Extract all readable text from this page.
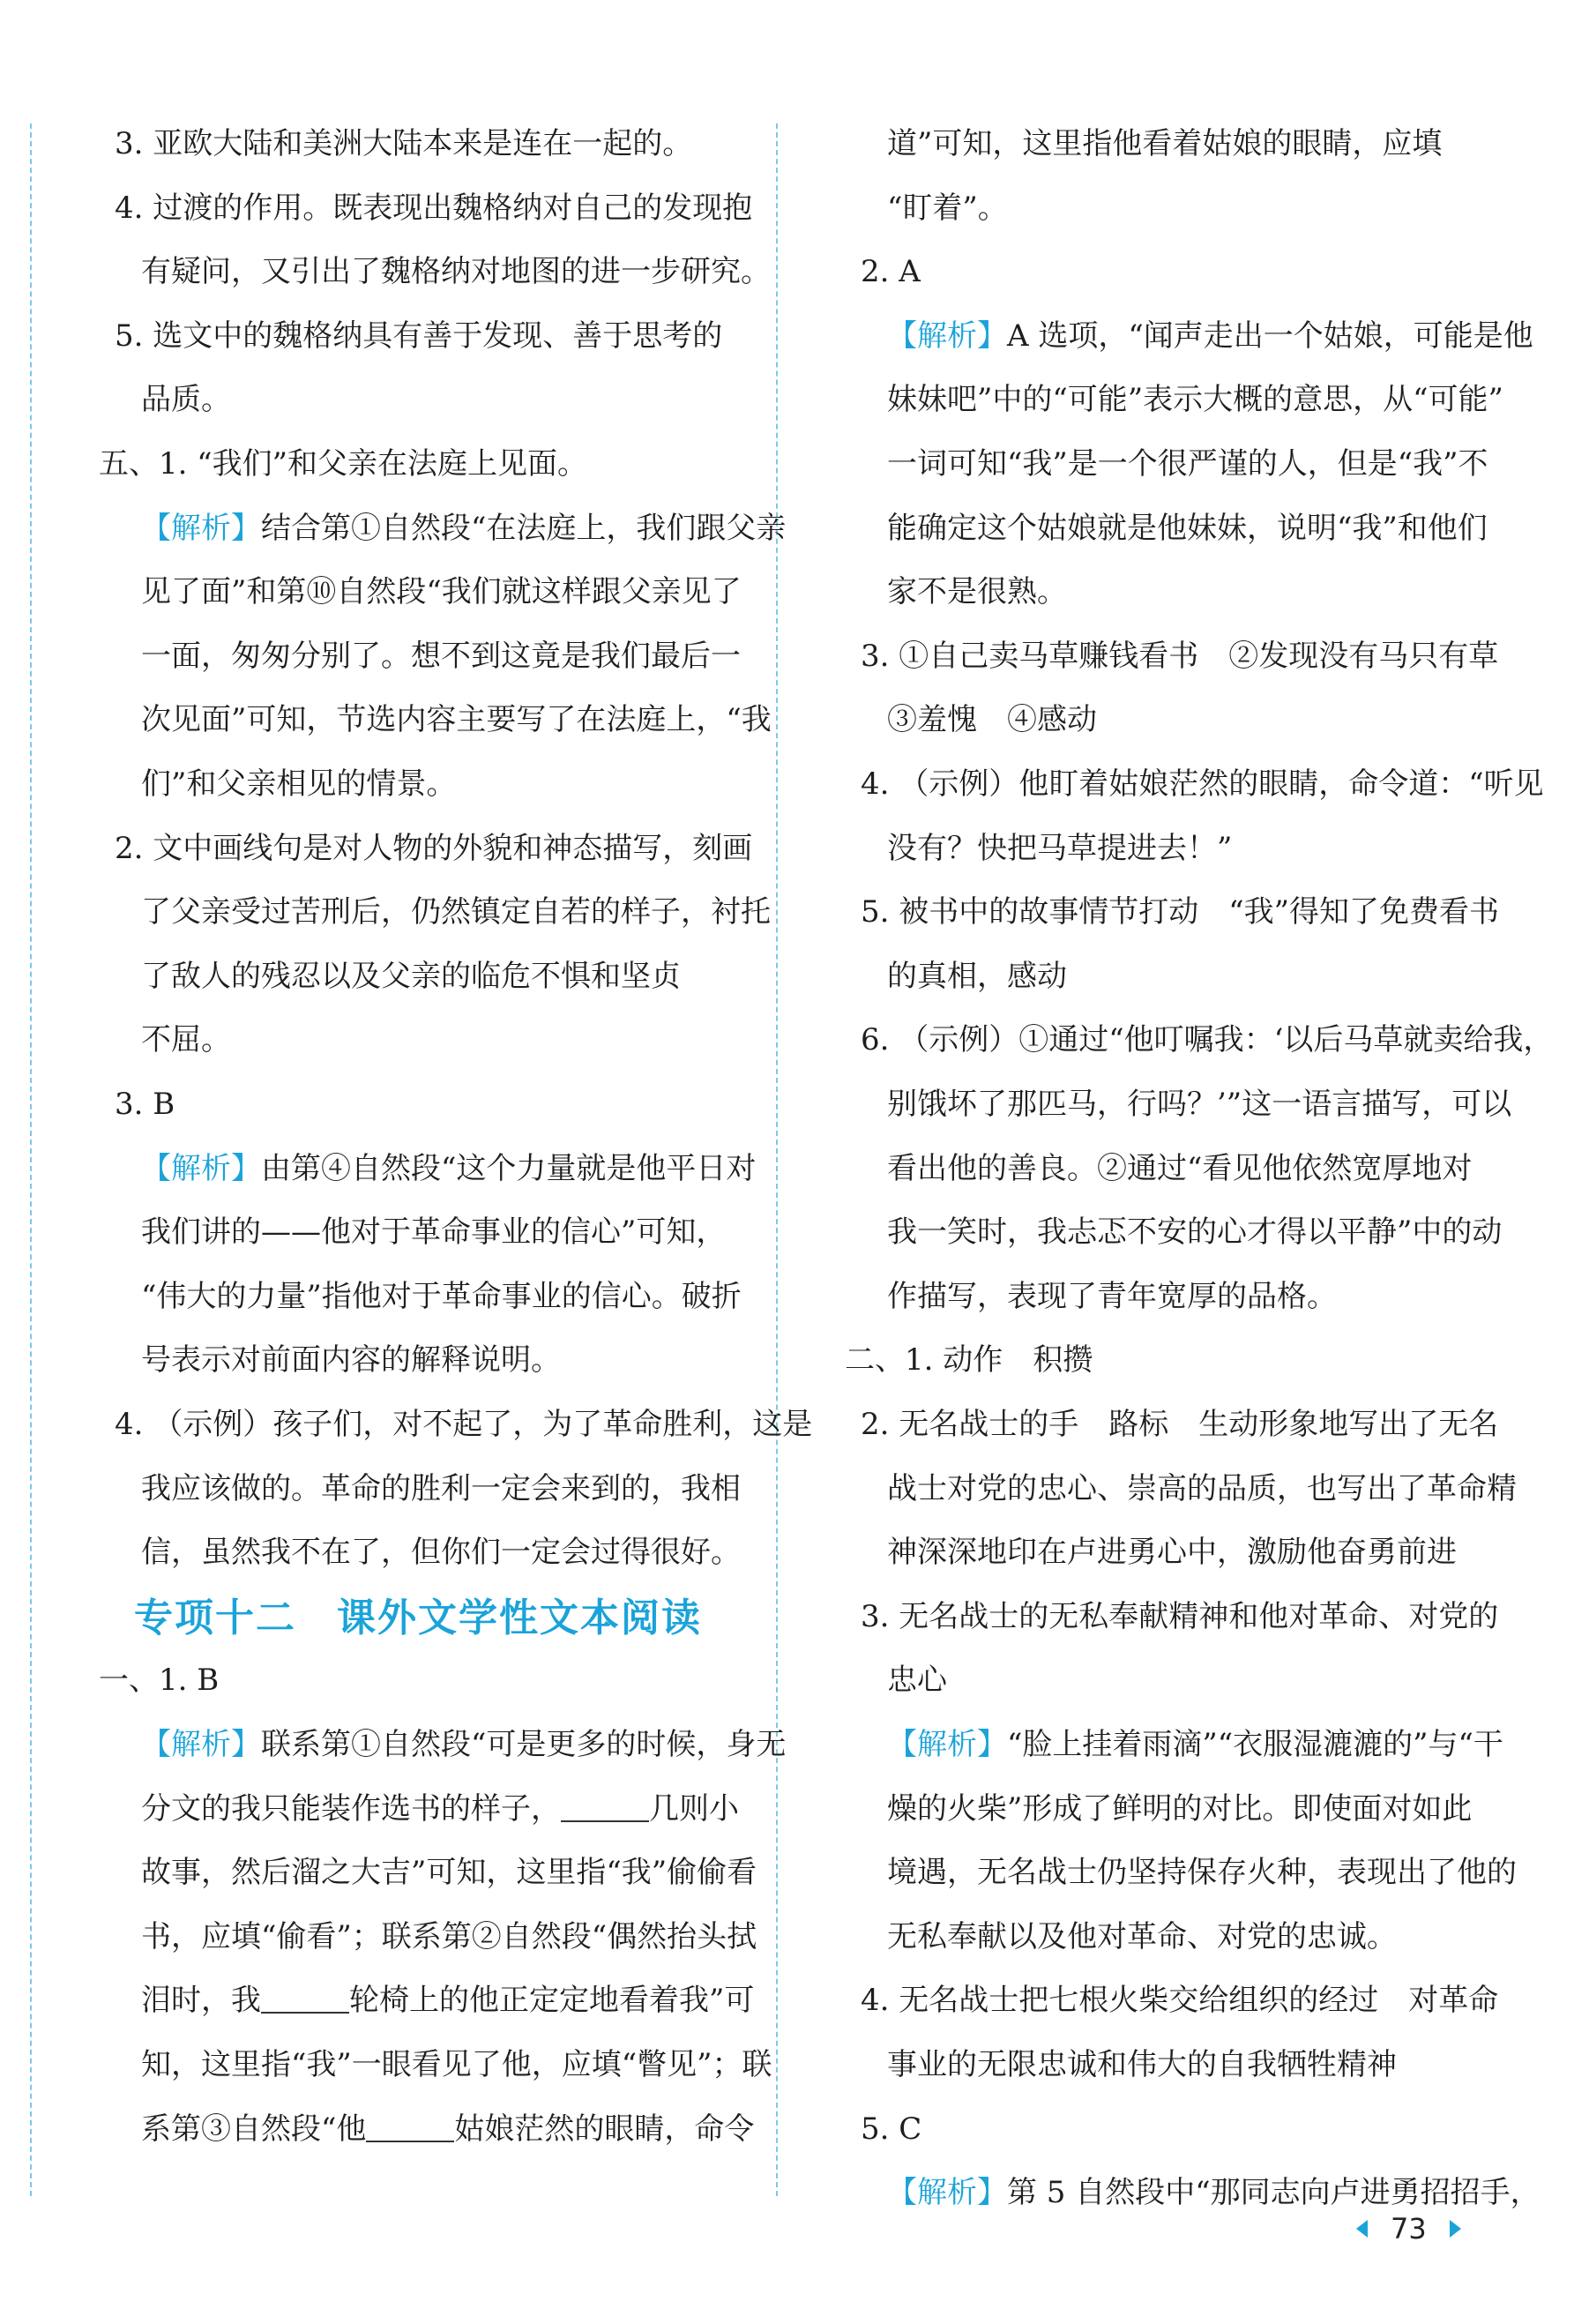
3. 亚欧大陆和美洲大陆本来是连在一起的。
4. 过渡的作用。既表现出魏格纳对自己的发现抱
有疑问，又引出了魏格纳对地图的进一步研究。
5. 选文中的魏格纳具有善于发现、善于思考的
品质。
五、1. “我们”和父亲在法庭上见面。
【解析】结合第①自然段“在法庭上，我们跟父亲
见了面”和第⑩自然段“我们就这样跟父亲见了
一面，匆匆分别了。想不到这竟是我们最后一
次见面”可知，节选内容主要写了在法庭上，“我
们”和父亲相见的情景。
2. 文中画线句是对人物的外貌和神态描写，刻画
了父亲受过苦刑后，仍然镇定自若的样子，衬托
了敌人的残忍以及父亲的临危不惧和坚贞
不屈。
3. B
【解析】由第④自然段“这个力量就是他平日对
我们讲的——他对于革命事业的信心”可知，
“伟大的力量”指他对于革命事业的信心。破折
号表示对前面内容的解释说明。
4. （示例）孩子们，对不起了，为了革命胜利，这是
我应该做的。革命的胜利一定会来到的，我相
信，虽然我不在了，但你们一定会过得很好。
专项十二　课外文学性文本阅读
一、1. B
【解析】联系第①自然段“可是更多的时候，身无
分文的我只能装作选书的样子，	几则小
故事，然后溜之大吉”可知，这里指“我”偷偷看
书，应填“偷看”；联系第②自然段“偶然抬头拭
泪时，我	轮椅上的他正定定地看着我”可
知，这里指“我”一眼看见了他，应填“瞥见”；联
系第③自然段“他	姑娘茫然的眼睛，命令
道”可知，这里指他看着姑娘的眼睛，应填
“盯着”。
2. A
【解析】A 选项，“闻声走出一个姑娘，可能是他
妹妹吧”中的“可能”表示大概的意思，从“可能”
一词可知“我”是一个很严谨的人，但是“我”不
能确定这个姑娘就是他妹妹，说明“我”和他们
家不是很熟。
3. ①自己卖马草赚钱看书　②发现没有马只有草
③羞愧　④感动
4. （示例）他盯着姑娘茫然的眼睛，命令道：“听见
没有？快把马草提进去！”
5. 被书中的故事情节打动　“我”得知了免费看书
的真相，感动
6. （示例）①通过“他叮嘱我：‘以后马草就卖给我，
别饿坏了那匹马，行吗？’”这一语言描写，可以
看出他的善良。②通过“看见他依然宽厚地对
我一笑时，我忐忑不安的心才得以平静”中的动
作描写，表现了青年宽厚的品格。
二、1. 动作　积攒
2. 无名战士的手　路标　生动形象地写出了无名
战士对党的忠心、崇高的品质，也写出了革命精
神深深地印在卢进勇心中，激励他奋勇前进
3. 无名战士的无私奉献精神和他对革命、对党的
忠心
【解析】“脸上挂着雨滴”“衣服湿漉漉的”与“干
燥的火柴”形成了鲜明的对比。即使面对如此
境遇，无名战士仍坚持保存火种，表现出了他的
无私奉献以及他对革命、对党的忠诚。
4. 无名战士把七根火柴交给组织的经过　对革命
事业的无限忠诚和伟大的自我牺牲精神
5. C
【解析】第 5 自然段中“那同志向卢进勇招招手，
73
